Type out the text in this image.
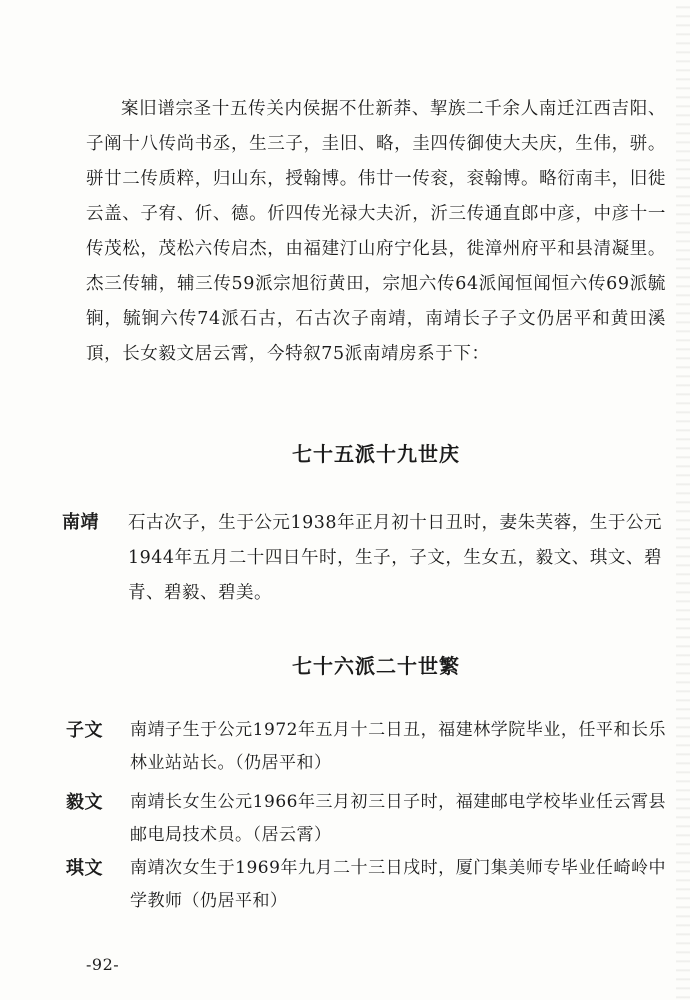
案旧谱宗圣十五传关内侯据不仕新莽、挈族二千余人南迁江西吉阳、子阐十八传尚书丞，生三子，圭旧、略，圭四传御使大夫庆，生伟，骈。骈廿二传质粹，归山东，授翰博。伟廿一传衮，衮翰博。略衍南丰，旧徙云盖、子宥、伒、德。伒四传光禄大夫沂，沂三传通直郎中彦，中彦十一传茂松，茂松六传启杰，由福建汀山府宁化县，徙漳州府平和县清凝里。杰三传辅，辅三传59派宗旭衍黄田，宗旭六传64派闻恒闻恒六传69派毓锏，毓锏六传74派石古，石古次子南靖，南靖长子子文仍居平和黄田溪頂，长女毅文居云霄，今特叙75派南靖房系于下：

七十五派十九世庆
南靖	石古次子，生于公元1938年正月初十日丑时，妻朱芙蓉，生于公元1944年五月二十四日午时，生子，子文，生女五，毅文、琪文、碧青、碧毅、碧美。
七十六派二十世繁
子文	南靖子生于公元1972年五月十二日丑，福建林学院毕业，任平和长乐林业站站长。（仍居平和）
毅文	南靖长女生公元1966年三月初三日子时，福建邮电学校毕业任云霄县邮电局技术员。（居云霄）
琪文	南靖次女生于1969年九月二十三日戌时，厦门集美师专毕业任崎岭中学教师（仍居平和）
-92-
